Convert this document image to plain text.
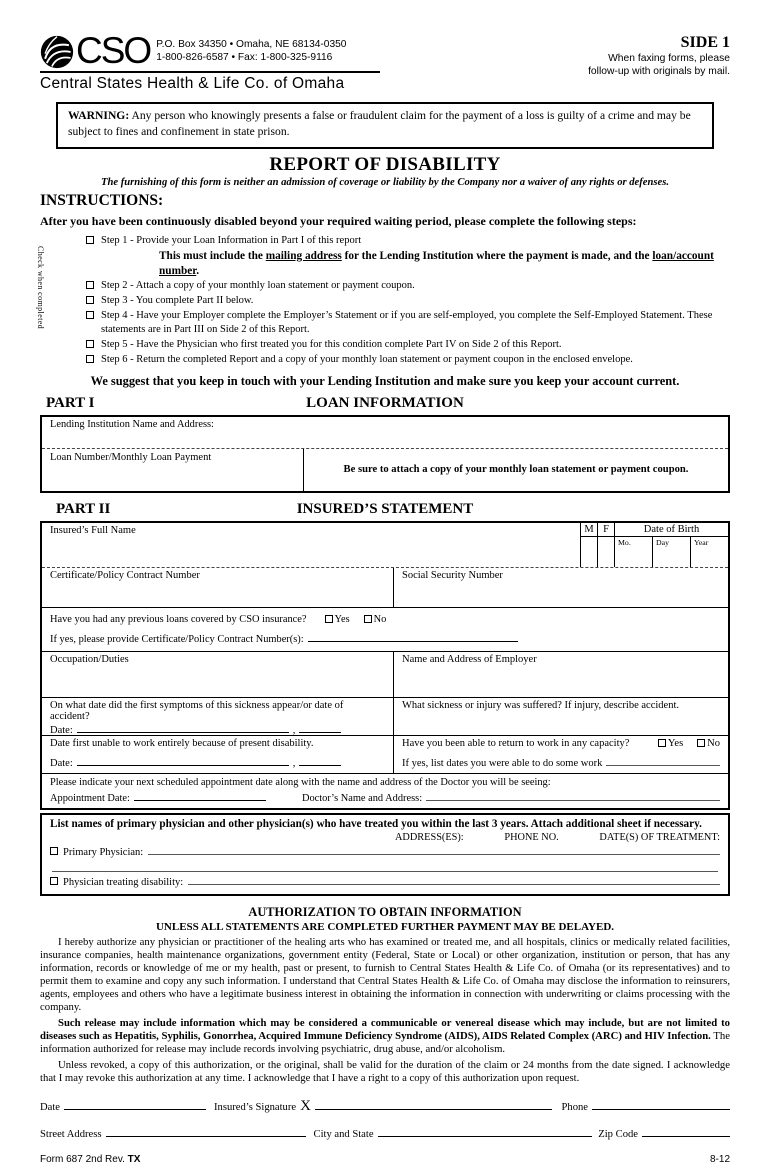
CSO P.O. Box 34350 • Omaha, NE 68134-0350
1-800-826-6587 • Fax: 1-800-325-9116
Central States Health & Life Co. of Omaha
SIDE 1
When faxing forms, please
follow-up with originals by mail.
WARNING: Any person who knowingly presents a false or fraudulent claim for the payment of a loss is guilty of a crime and may be subject to fines and confinement in state prison.
REPORT OF DISABILITY
The furnishing of this form is neither an admission of coverage or liability by the Company nor a waiver of any rights or defenses.
INSTRUCTIONS:
After you have been continuously disabled beyond your required waiting period, please complete the following steps:
Check when completed
Step 1 - Provide your Loan Information in Part I of this report
This must include the mailing address for the Lending Institution where the payment is made, and the loan/account number.
Step 2 - Attach a copy of your monthly loan statement or payment coupon.
Step 3 - You complete Part II below.
Step 4 - Have your Employer complete the Employer’s Statement or if you are self-employed, you complete the Self-Employed Statement. These statements are in Part III on Side 2 of this Report.
Step 5 - Have the Physician who first treated you for this condition complete Part IV on Side 2 of this Report.
Step 6 - Return the completed Report and a copy of your monthly loan statement or payment coupon in the enclosed envelope.
We suggest that you keep in touch with your Lending Institution and make sure you keep your account current.
PART I	LOAN INFORMATION
Lending Institution Name and Address:
Loan Number/Monthly Loan Payment
Be sure to attach a copy of your monthly loan statement or payment coupon.
PART II	INSURED’S STATEMENT
Insured’s Full Name	M F	Date of Birth
Mo.	Day	Year
Certificate/Policy Contract Number	Social Security Number
Have you had any previous loans covered by CSO insurance?	Yes	No
If yes, please provide Certificate/Policy Contract Number(s):
Occupation/Duties	Name and Address of Employer
On what date did the first symptoms of this sickness appear/or date of accident?
Date:	,
What sickness or injury was suffered? If injury, describe accident.
Date first unable to work entirely because of present disability.
Date:	,
Have you been able to return to work in any capacity?	Yes	No
If yes, list dates you were able to do some work
Please indicate your next scheduled appointment date along with the name and address of the Doctor you will be seeing:
Appointment Date:	Doctor’s Name and Address:
List names of primary physician and other physician(s) who have treated you within the last 3 years. Attach additional sheet if necessary.
ADDRESS(ES):	PHONE NO.	DATE(S) OF TREATMENT:
Primary Physician:
Physician treating disability:
AUTHORIZATION TO OBTAIN INFORMATION
UNLESS ALL STATEMENTS ARE COMPLETED FURTHER PAYMENT MAY BE DELAYED.

I hereby authorize any physician or practitioner of the healing arts who has examined or treated me, and all hospitals, clinics or medically related facilities, insurance companies, health maintenance organizations, government entity (Federal, State or Local) or other organization, institution or person, that has any information, records or knowledge of me or my health, past or present, to furnish to Central States Health & Life Co. of Omaha (or its representatives) and to permit them to examine and copy any such information. I understand that Central States Health & Life Co. of Omaha may disclose the information to reinsurers, agents, employees and others who have a legitimate business interest in obtaining the information in connection with underwriting or claims processing with the company.

Such release may include information which may be considered a communicable or venereal disease which may include, but are not limited to diseases such as Hepatitis, Syphilis, Gonorrhea, Acquired Immune Deficiency Syndrome (AIDS), AIDS Related Complex (ARC) and HIV Infection. The information authorized for release may include records involving psychiatric, drug abuse, and/or alcoholism.

Unless revoked, a copy of this authorization, or the original, shall be valid for the duration of the claim or 24 months from the date signed. I acknowledge that I may revoke this authorization at any time. I acknowledge that I have a right to a copy of this authorization upon request.

Date	Insured’s Signature X	Phone
Street Address	City and State	Zip Code
Form 687 2nd Rev. TX	8-12
